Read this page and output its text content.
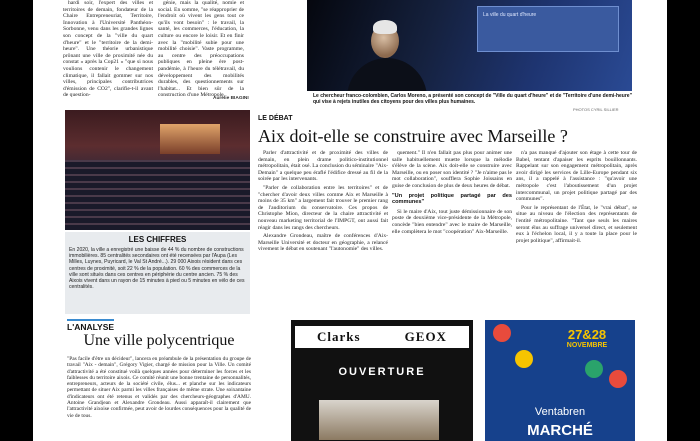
hardi soir, l'expert des villes et territoires de demain, fondateur de la Chaire Entrepreneuriat, Territoire, Innovation à l'Université Panthéon-Sorbonne, venu dans les grandes lignes son concept de la "ville du quart d'heure" et le "territoire de la demi-heure". Une théorie urbanistique prônant une ville de proximité née du constat « après la Cop21 » "que si nous voulions contenir le changement climatique, il fallait gommer sur nos villes, principales contributrices d'émission de CO2", clarifie-t-il avant de question-

génie, mais la qualité, nomie et social. En somme, "se réapproprier de l'endroit où vivent les gens tout ce qu'ils vont besoin" : le travail, la santé, les commerces, l'éducation, la culture ou encore le loisir. Et en finir avec la "mobilité subie pour une mobilité choisie". Vaste programme, au centre des préoccupations publiques en pleine ère post-pandémie, à l'heure du télétravail, du développement des mobilités durables, des questionnements sur l'habitat... Et bien sûr de la construction d'une Métropole

Aurélie BIAGINI
La ville du quart d'heure
Le chercheur franco-colombien, Carlos Moreno, a présenté son concept de "Ville du quart d'heure" et de "Territoire d'une demi-heure" qui vise à rejets inutiles des citoyens pour des villes plus humaines.
PHOTOS CYRIL SILLIER
LES CHIFFRES
En 2020, la ville a enregistré une baisse de 44 % du nombre de constructions immobilières. 85 centralités secondaires ont été recensées par l'Aupa (Les Milles, Luynes, Puyricard, le Val St André...). 29 000 Aixois résident dans ces centres de proximité, soit 22 % de la population. 60 % des commerces de la ville sont situés dans ces centres en périphérie du centre ancien. 75 % des Aixois vivent dans un rayon de 15 minutes à pied ou 5 minutes en vélo de ces centralités.
L'ANALYSE
Une ville polycentrique
"Pas facile d'être un décideur", lancera en préambule de la présentation du groupe de travail "Aix - demain", Grégory Vigier, chargé de mission pour la Ville. Un comité d'attractivité a été constitué voilà quelques années pour déterminer les forces et les faiblesses du territoire aixois. Ce comité réunit une bonne trentaine de personnalités, entrepreneurs, acteurs de la société civile, élus... et planche sur les indicateurs permettant de situer Aix parmi les villes françaises de même strate. Une soixantaine d'indicateurs ont été retenus et validés par des chercheurs-géographes d'AMU. Antoine Grandjean et Alexandre Grondeau. Aussi apparaît-il clairement que l'attractivité aixoise confirmée, peut avoir de lourdes conséquences pour la qualité de vie de tous.
LE DÉBAT
Aix doit-elle se construire avec Marseille ?

Parler d'attractivité et de proximité des villes de demain, en plein drame politico-institutionnel métropolitain, était osé. La conclusion du séminaire "Aix-Demain" a quelque peu éraflé l'édifice dressé au fil de la soirée par les intervenants.

"Parler de collaboration entre les territoires" et de "chercher d'avoir deux villes comme Aix et Marseille à moins de 35 km" a largement fait trouver le premier rang de l'auditorium du conservatoire. Ces propos de Christophe Mion, directeur de la chaire attractivité et nouveau marketing territorial de l'IMPGT, ont aussi fait réagir dans les rangs des chercheurs.

Alexandre Grondeau, maître de conférences d'Aix-Marseille Université et docteur en géographie, a relancé vivement le débat en soutenant "l'autonomie" des villes.

quement." Il n'en fallait pas plus pour animer une salle habituellement muette lorsque la mélodie s'élève de la scène. Aix doit-elle se construire avec Marseille, ou en poser son identité ? "Je n'aime pas le mot collaboration", soufflera Sophie Joissains en guise de conclusion de plus de deux heures de débat.

"Un projet politique partagé par des communes"

Si le maire d'Aix, tout juste démissionnaire de son poste de deuxième vice-présidente de la Métropole, concède "bien entendre" avec le maire de Marseille, elle complètera le mot "coopération" Aix-Marseille.

n'a pas manqué d'ajouter son étage à cette tour de Babel, tentant d'apaiser les esprits bouillonnants. Rappelant sur son engagement métropolitain, après avoir dirigé les services de Lille-Europe pendant six ans, il a rappelé à l'assistance : "qu'avoir une métropole c'est l'aboutissement d'un projet intercommunal, un projet politique partagé par des communes".

Pour le représentant de l'État, le "vrai débat", se situe au niveau de l'élection des représentants de l'entité métropolitaine. "Tant que seuls les maires seront élus au suffrage universel direct, et seulement eux à l'échelon local, il y a toute la place pour le projet politique", affirmait-il.

Clarks	GEOX
OUVERTURE
27&28
NOVEMBRE
Ventabren
MARCHÉ
